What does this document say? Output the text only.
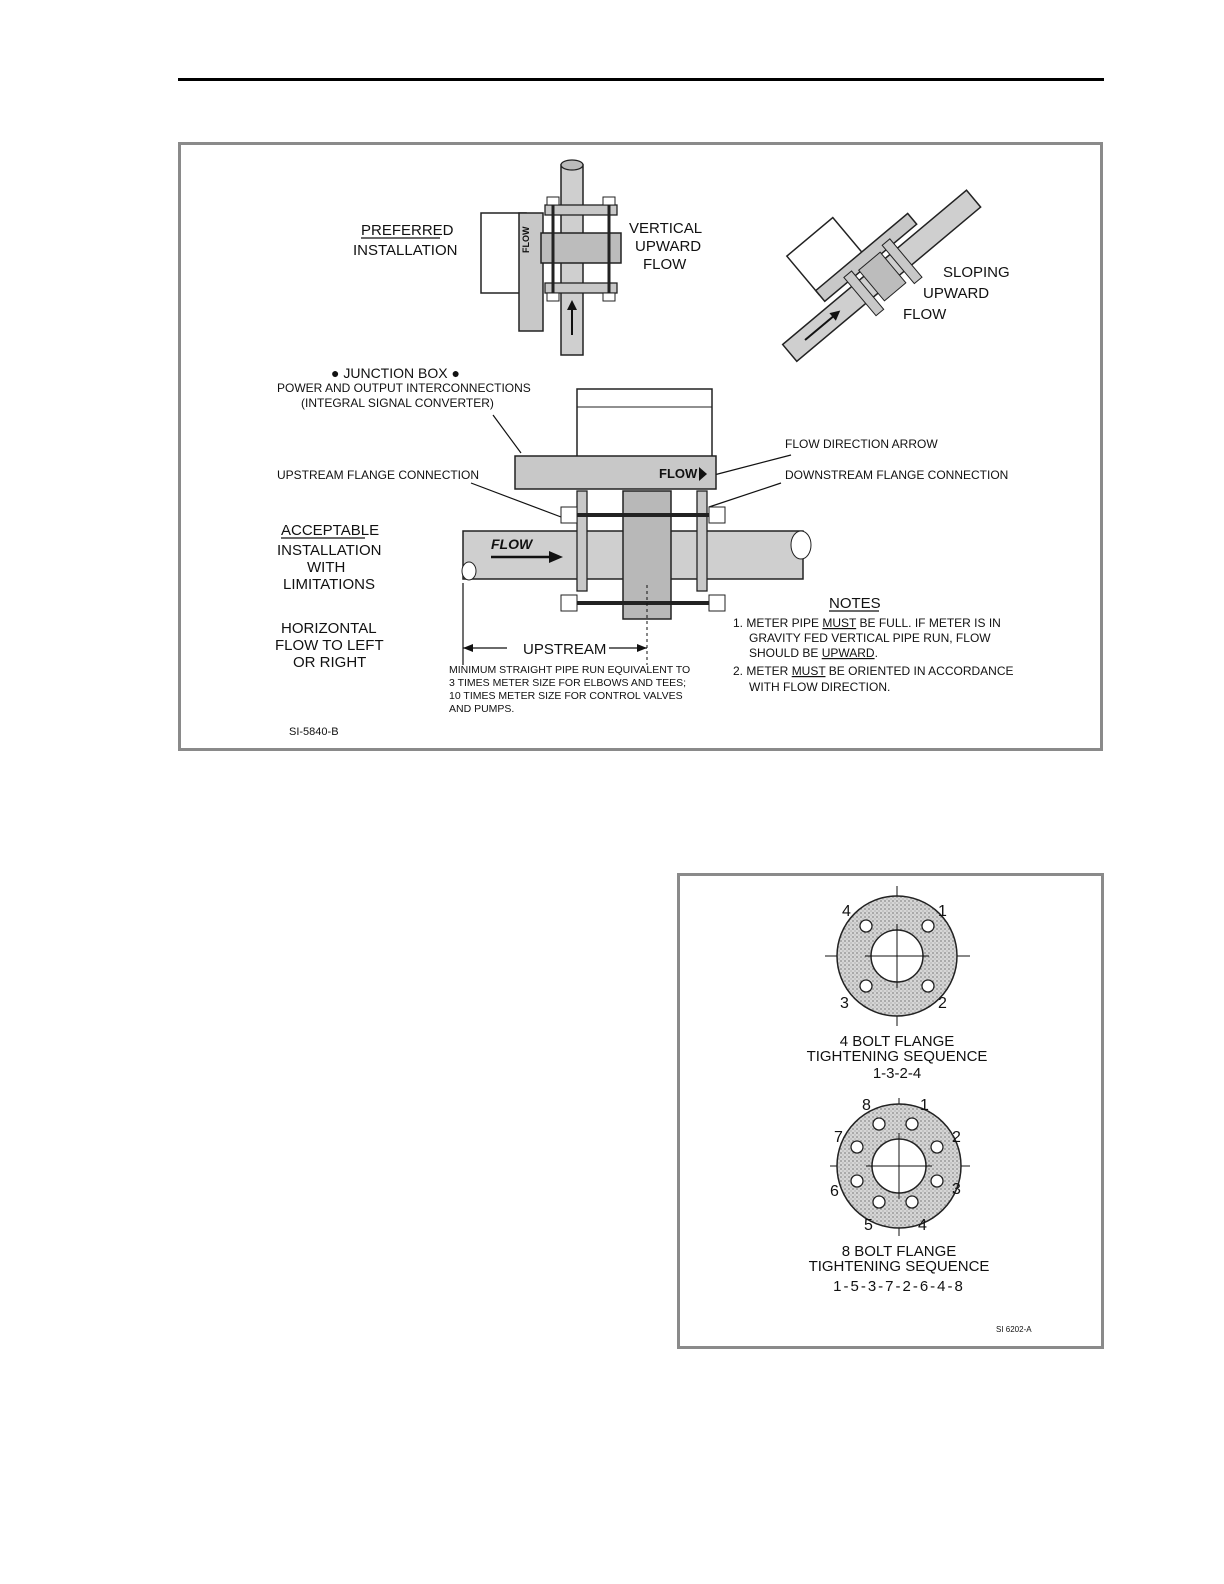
PREFERRED
INSTALLATION	FLOW	VERTICAL
UPWARD
FLOW	SLOPING
UPWARD
FLOW
● JUNCTION BOX ●
POWER AND OUTPUT INTERCONNECTIONS
(INTEGRAL SIGNAL CONVERTER)
FLOW DIRECTION ARROW
UPSTREAM FLANGE CONNECTION	DOWNSTREAM FLANGE CONNECTION
FLOW
FLOW
ACCEPTABLE
INSTALLATION
WITH
LIMITATIONS
HORIZONTAL
FLOW TO LEFT
OR RIGHT
UPSTREAM
MINIMUM STRAIGHT PIPE RUN EQUIVALENT TO
3 TIMES METER SIZE FOR ELBOWS AND TEES;
10 TIMES METER SIZE FOR CONTROL VALVES
AND PUMPS.
NOTES
1. METER PIPE MUST BE FULL. IF METER IS IN
GRAVITY FED VERTICAL PIPE RUN, FLOW
SHOULD BE UPWARD.
2. METER MUST BE ORIENTED IN ACCORDANCE
WITH FLOW DIRECTION.
SI-5840-B
4	1
3	2
4 BOLT FLANGE
TIGHTENING SEQUENCE
1-3-2-4
8	1
7	2
6	3
5	4
8 BOLT FLANGE
TIGHTENING SEQUENCE
1-5-3-7-2-6-4-8
SI 6202-A
